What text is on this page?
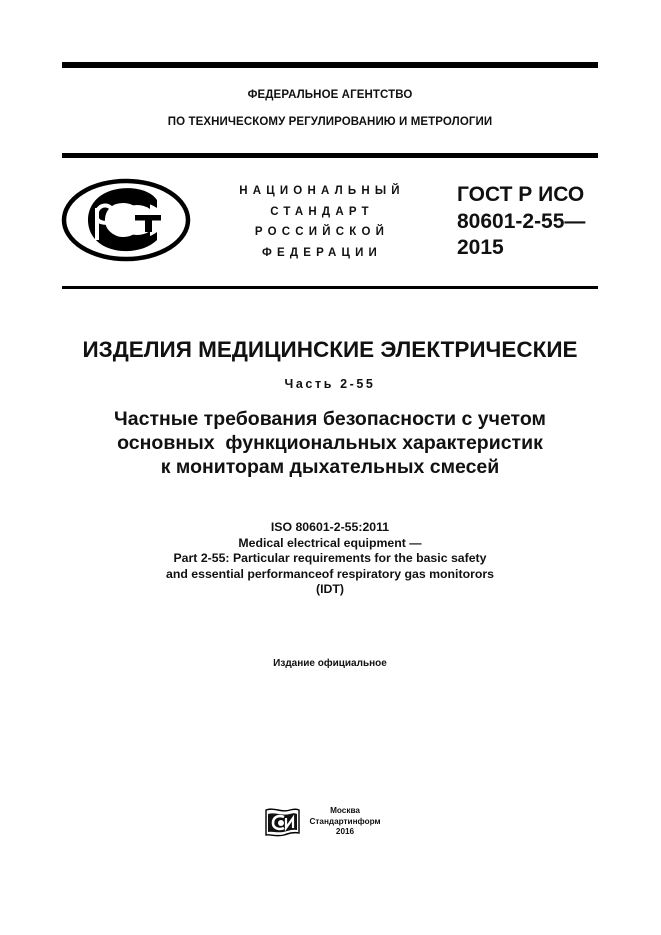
ФЕДЕРАЛЬНОЕ АГЕНТСТВО
ПО ТЕХНИЧЕСКОМУ РЕГУЛИРОВАНИЮ И МЕТРОЛОГИИ
НАЦИОНАЛЬНЫЙ
СТАНДАРТ
РОССИЙСКОЙ
ФЕДЕРАЦИИ
ГОСТ Р ИСО
80601-2-55—
2015
ИЗДЕЛИЯ МЕДИЦИНСКИЕ ЭЛЕКТРИЧЕСКИЕ
Часть 2-55
Частные требования безопасности с учетом
основных  функциональных характеристик
к мониторам дыхательных смесей
ISO 80601-2-55:2011
Medical electrical equipment —
Part 2-55: Particular requirements for the basic safety
and essential performanceof respiratory gas monitorors
(IDT)
Издание официальное
Москва
Стандартинформ
2016
